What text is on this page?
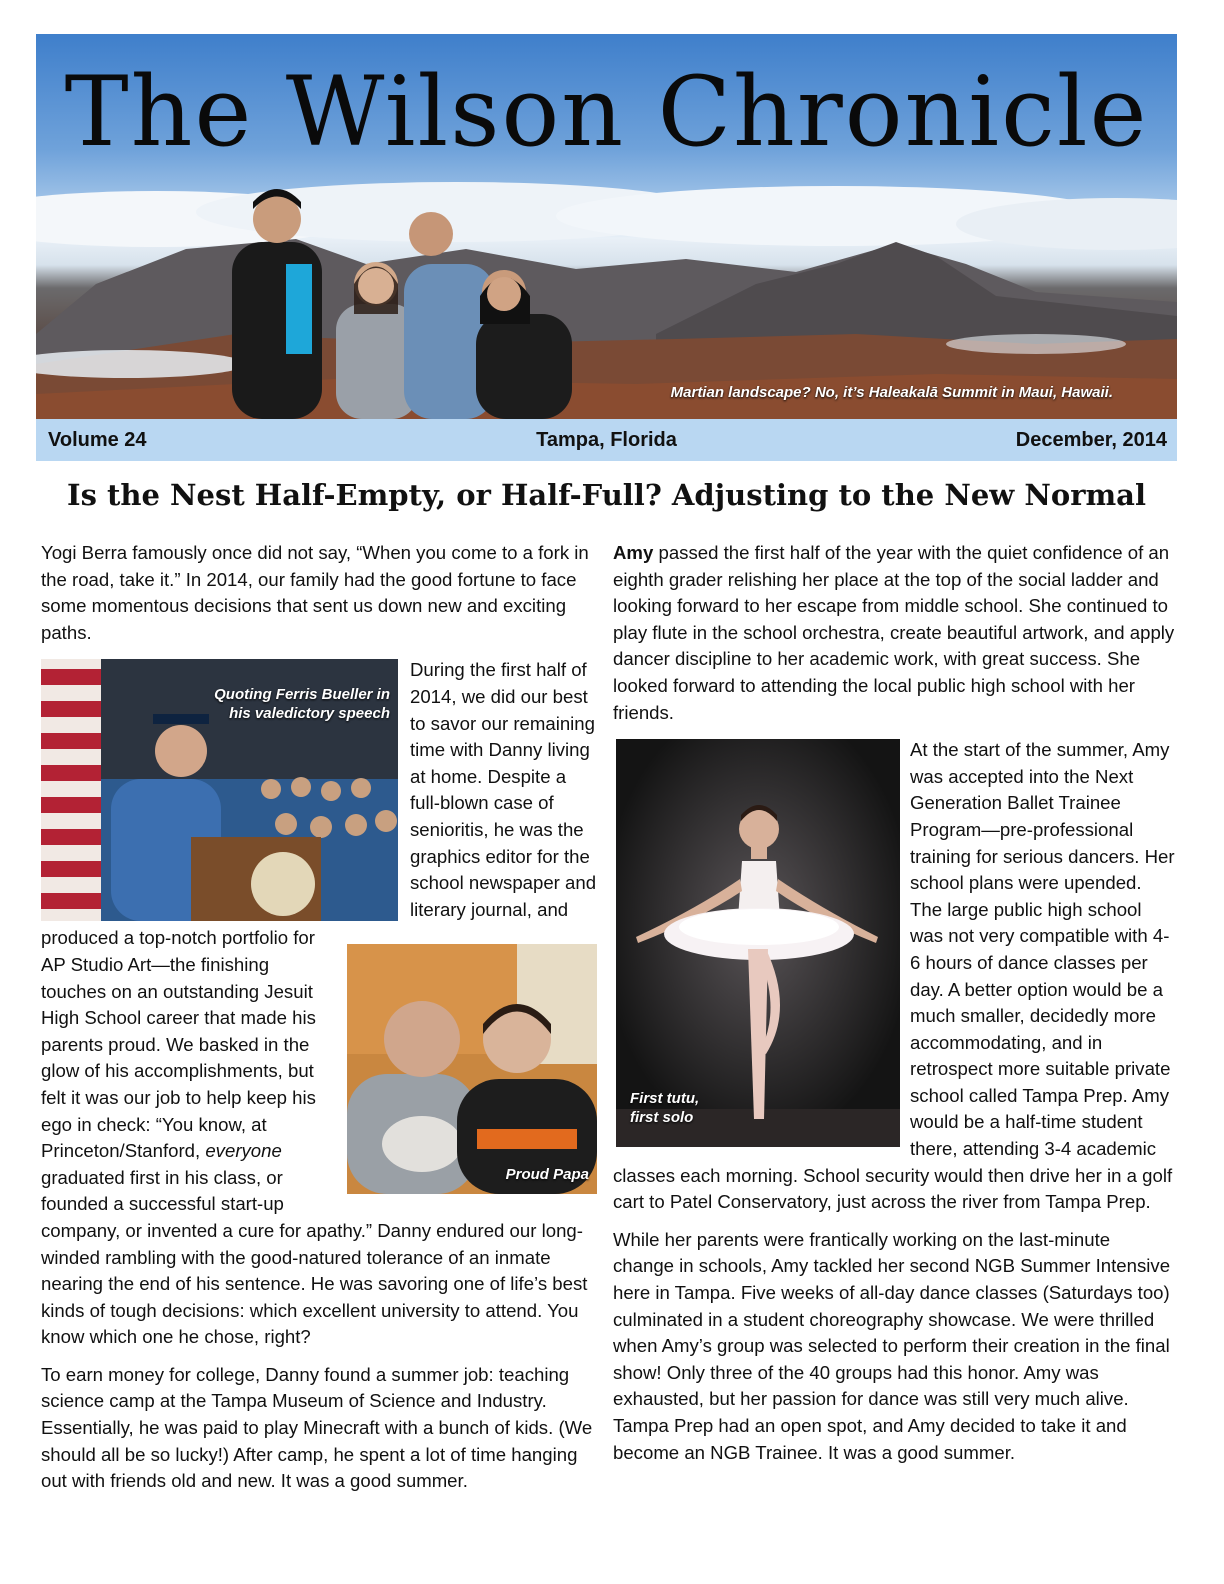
The Wilson Chronicle
Martian landscape? No, it’s Haleakalā Summit in Maui, Hawaii.
Volume 24	Tampa, Florida	December, 2014
Is the Nest Half-Empty, or Half-Full? Adjusting to the New Normal

Yogi Berra famously once did not say, “When you come to a fork in the road, take it.” In 2014, our family had the good fortune to face some momentous decisions that sent us down new and exciting paths.

Quoting Ferris Bueller in
his valedictory speech
Proud Papa

During the first half of 2014, we did our best to savor our remaining time with Danny living at home. Despite a full-blown case of senioritis, he was the graphics editor for the school newspaper and literary journal, and produced a top-notch portfolio for AP Studio Art—the finishing touches on an outstanding Jesuit High School career that made his parents proud. We basked in the glow of his accomplishments, but felt it was our job to help keep his ego in check: “You know, at Princeton/Stanford, everyone graduated first in his class, or founded a successful start-up company, or invented a cure for apathy.” Danny endured our long-winded rambling with the good-natured tolerance of an inmate nearing the end of his sentence. He was savoring one of life’s best kinds of tough decisions: which excellent university to attend. You know which one he chose, right?

To earn money for college, Danny found a summer job: teaching science camp at the Tampa Museum of Science and Industry. Essentially, he was paid to play Minecraft with a bunch of kids. (We should all be so lucky!) After camp, he spent a lot of time hanging out with friends old and new. It was a good summer.

Amy passed the first half of the year with the quiet confidence of an eighth grader relishing her place at the top of the social ladder and looking forward to her escape from middle school. She continued to play flute in the school orchestra, create beautiful artwork, and apply dancer discipline to her academic work, with great success. She looked forward to attending the local public high school with her friends.

First tutu,
first solo

At the start of the summer, Amy was accepted into the Next Generation Ballet Trainee Program—pre-professional training for serious dancers. Her school plans were upended. The large public high school was not very compatible with 4-6 hours of dance classes per day. A better option would be a much smaller, decidedly more accommodating, and in retrospect more suitable private school called Tampa Prep. Amy would be a half-time student there, attending 3-4 academic classes each morning. School security would then drive her in a golf cart to Patel Conservatory, just across the river from Tampa Prep.

While her parents were frantically working on the last-minute change in schools, Amy tackled her second NGB Summer Intensive here in Tampa. Five weeks of all-day dance classes (Saturdays too) culminated in a student choreography showcase. We were thrilled when Amy’s group was selected to perform their creation in the final show! Only three of the 40 groups had this honor. Amy was exhausted, but her passion for dance was still very much alive. Tampa Prep had an open spot, and Amy decided to take it and become an NGB Trainee. It was a good summer.
